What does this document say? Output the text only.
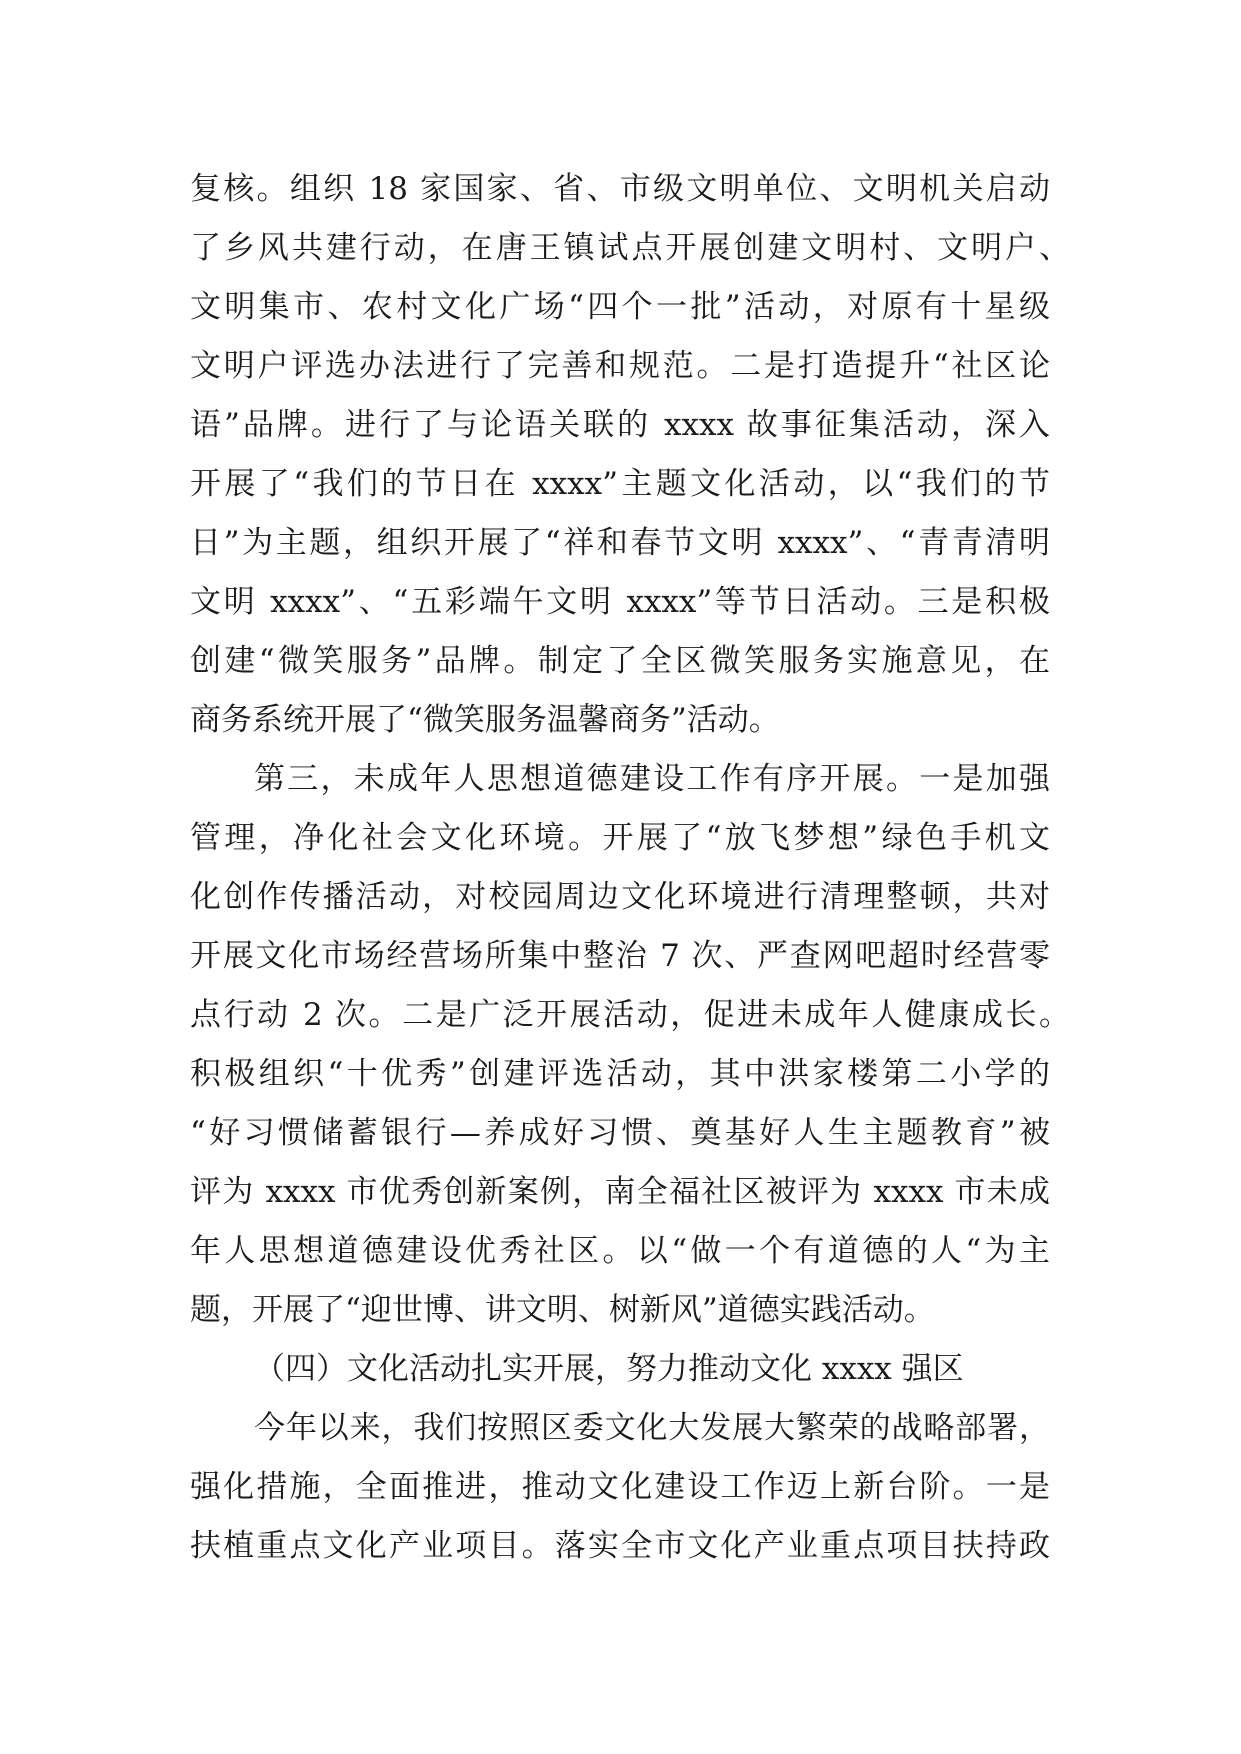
复核。组织 18 家国家、省、市级文明单位、文明机关启动
了乡风共建行动，在唐王镇试点开展创建文明村、文明户、
文明集市、农村文化广场“四个一批”活动，对原有十星级
文明户评选办法进行了完善和规范。二是打造提升“社区论
语”品牌。进行了与论语关联的 xxxx 故事征集活动，深入
开展了“我们的节日在 xxxx”主题文化活动，以“我们的节
日”为主题，组织开展了“祥和春节文明 xxxx”、“青青清明
文明 xxxx”、“五彩端午文明 xxxx”等节日活动。三是积极
创建“微笑服务”品牌。制定了全区微笑服务实施意见，在
商务系统开展了“微笑服务温馨商务”活动。
第三，未成年人思想道德建设工作有序开展。一是加强
管理，净化社会文化环境。开展了“放飞梦想”绿色手机文
化创作传播活动，对校园周边文化环境进行清理整顿，共对
开展文化市场经营场所集中整治 7 次、严查网吧超时经营零
点行动 2 次。二是广泛开展活动，促进未成年人健康成长。
积极组织“十优秀”创建评选活动，其中洪家楼第二小学的
“好习惯储蓄银行—养成好习惯、奠基好人生主题教育”被
评为 xxxx 市优秀创新案例，南全福社区被评为 xxxx 市未成
年人思想道德建设优秀社区。以“做一个有道德的人“为主
题，开展了“迎世博、讲文明、树新风”道德实践活动。
（四）文化活动扎实开展，努力推动文化 xxxx 强区
今年以来，我们按照区委文化大发展大繁荣的战略部署，
强化措施，全面推进，推动文化建设工作迈上新台阶。一是
扶植重点文化产业项目。落实全市文化产业重点项目扶持政
